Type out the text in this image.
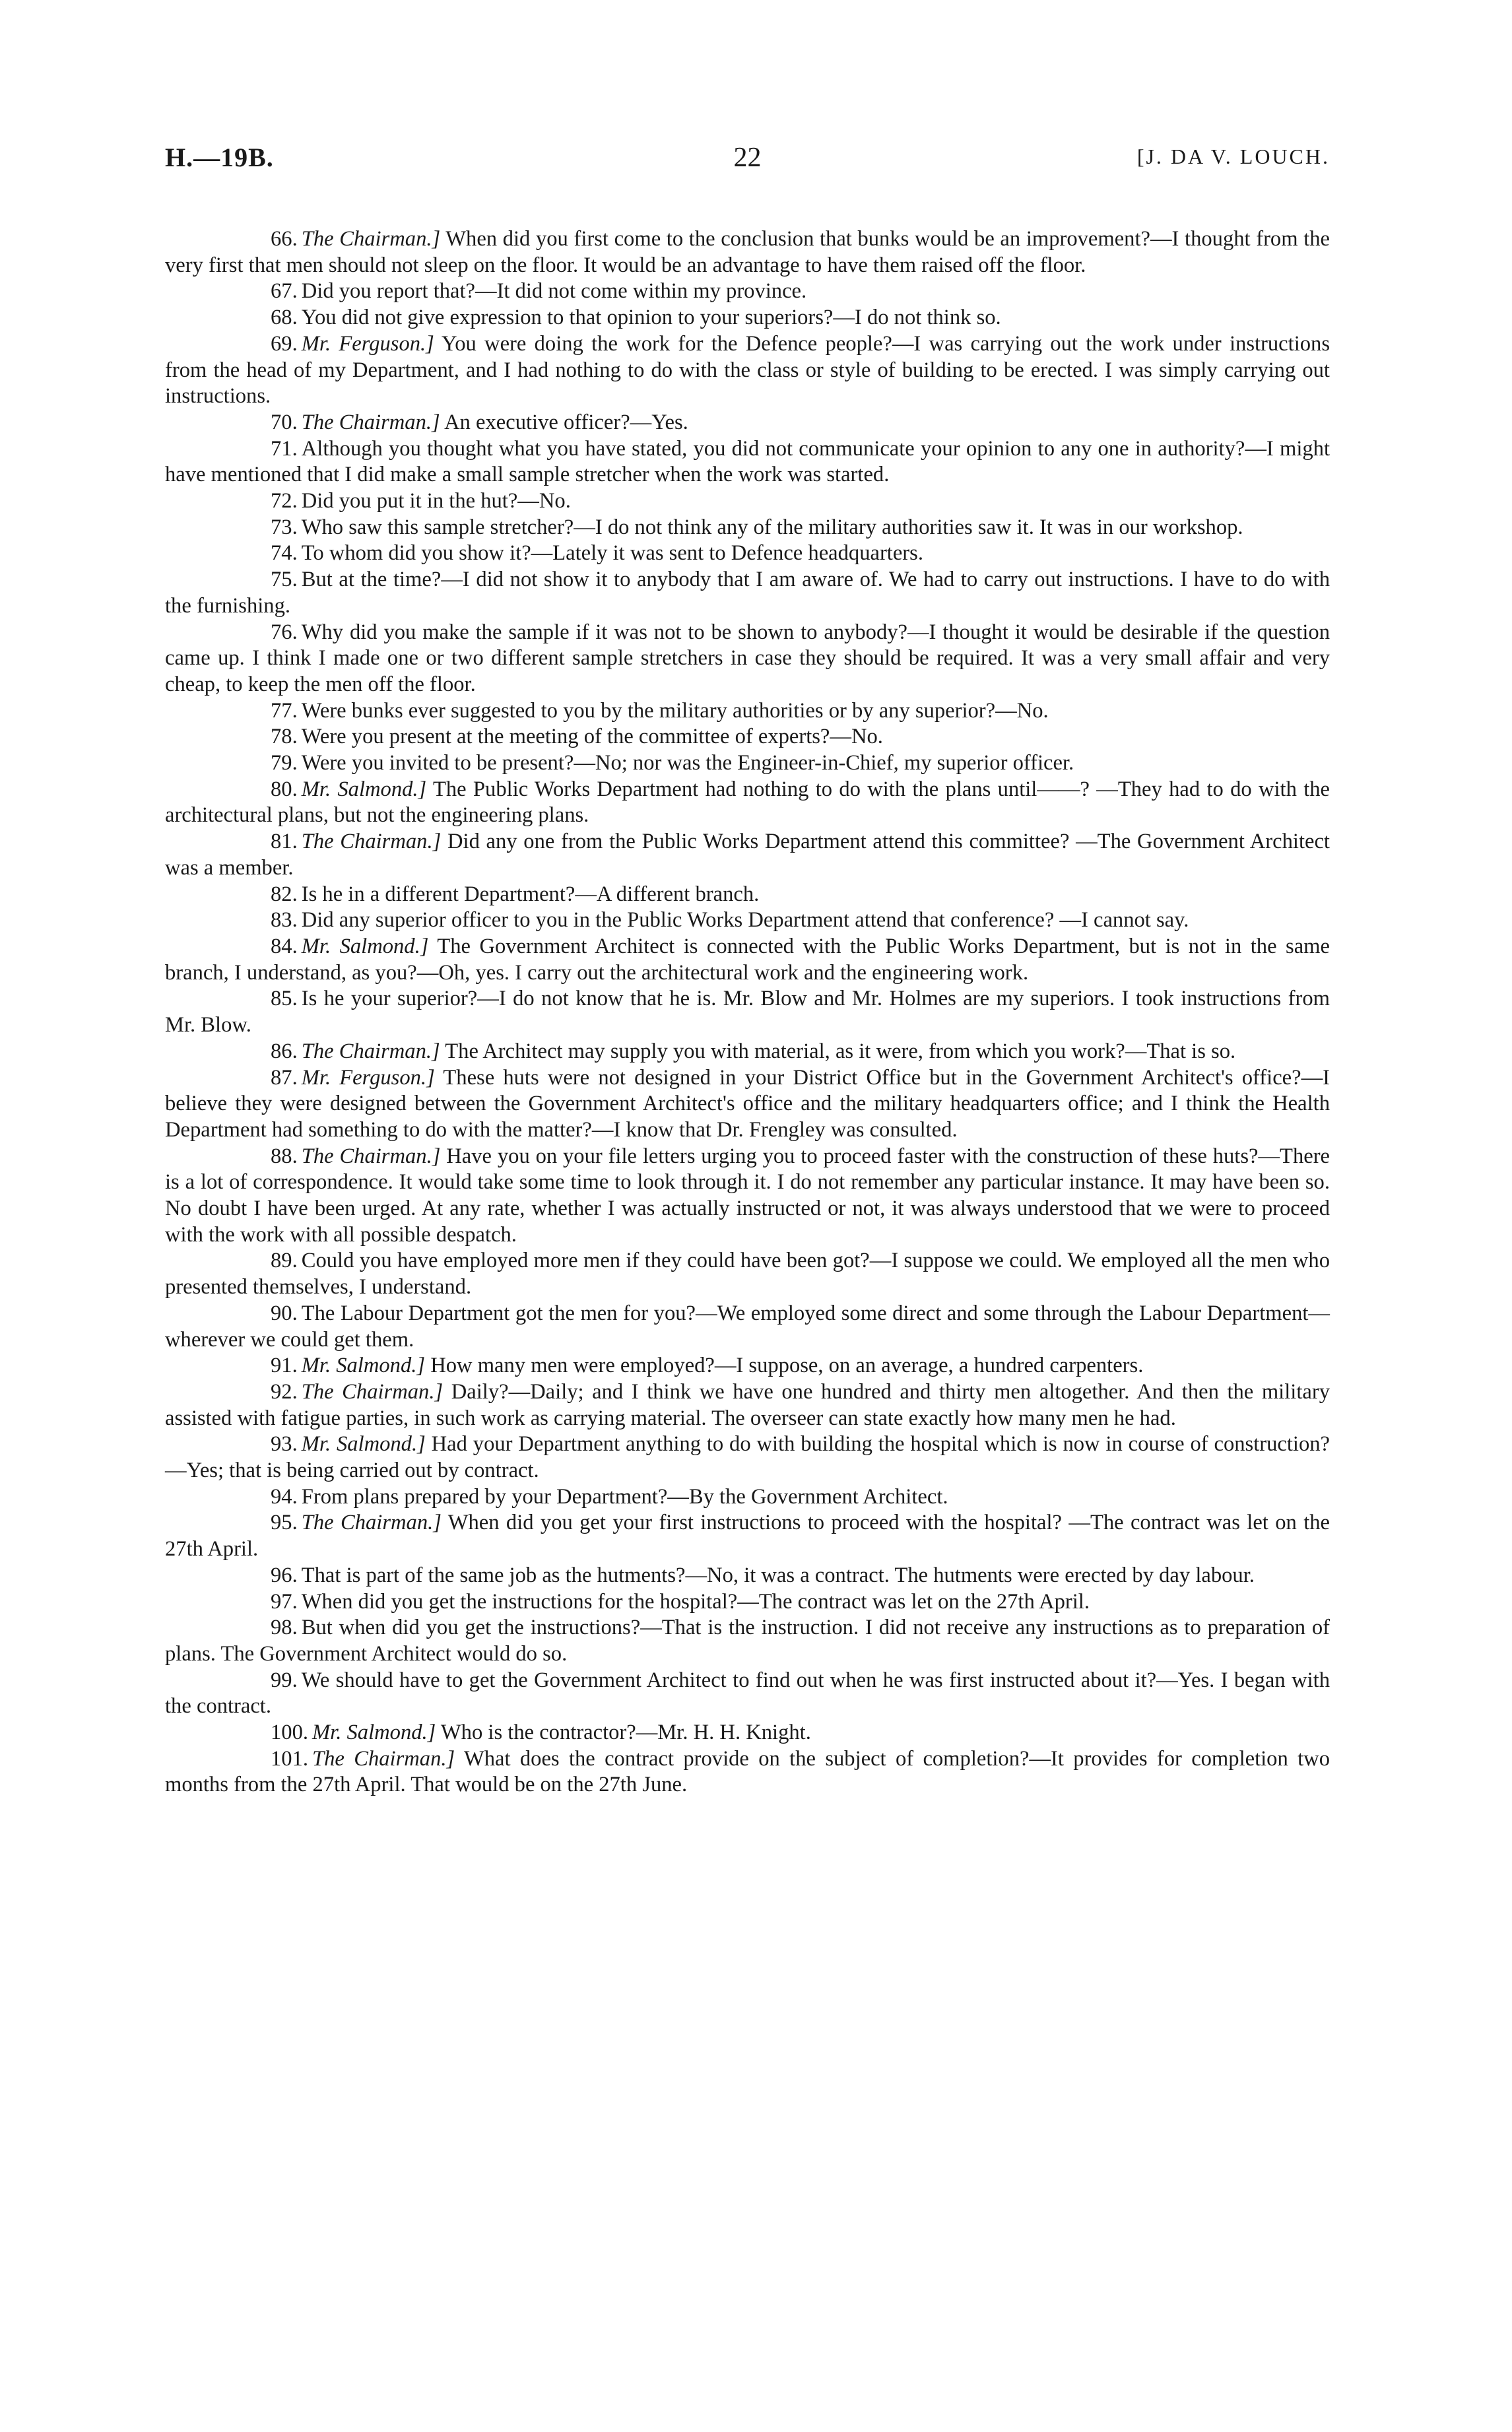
H.—19B.	22	[J. DA V. LOUCH.

66. The Chairman.] When did you first come to the conclusion that bunks would be an improvement?—I thought from the very first that men should not sleep on the floor. It would be an advantage to have them raised off the floor.

67. Did you report that?—It did not come within my province.

68. You did not give expression to that opinion to your superiors?—I do not think so.

69. Mr. Ferguson.] You were doing the work for the Defence people?—I was carrying out the work under instructions from the head of my Department, and I had nothing to do with the class or style of building to be erected. I was simply carrying out instructions.

70. The Chairman.] An executive officer?—Yes.

71. Although you thought what you have stated, you did not communicate your opinion to any one in authority?—I might have mentioned that I did make a small sample stretcher when the work was started.

72. Did you put it in the hut?—No.

73. Who saw this sample stretcher?—I do not think any of the military authorities saw it. It was in our workshop.

74. To whom did you show it?—Lately it was sent to Defence headquarters.

75. But at the time?—I did not show it to anybody that I am aware of. We had to carry out instructions. I have to do with the furnishing.

76. Why did you make the sample if it was not to be shown to anybody?—I thought it would be desirable if the question came up. I think I made one or two different sample stretchers in case they should be required. It was a very small affair and very cheap, to keep the men off the floor.

77. Were bunks ever suggested to you by the military authorities or by any superior?—No.

78. Were you present at the meeting of the committee of experts?—No.

79. Were you invited to be present?—No; nor was the Engineer-in-Chief, my superior officer.

80. Mr. Salmond.] The Public Works Department had nothing to do with the plans until——? —They had to do with the architectural plans, but not the engineering plans.

81. The Chairman.] Did any one from the Public Works Department attend this committee? —The Government Architect was a member.

82. Is he in a different Department?—A different branch.

83. Did any superior officer to you in the Public Works Department attend that conference? —I cannot say.

84. Mr. Salmond.] The Government Architect is connected with the Public Works Department, but is not in the same branch, I understand, as you?—Oh, yes. I carry out the architectural work and the engineering work.

85. Is he your superior?—I do not know that he is. Mr. Blow and Mr. Holmes are my superiors. I took instructions from Mr. Blow.

86. The Chairman.] The Architect may supply you with material, as it were, from which you work?—That is so.

87. Mr. Ferguson.] These huts were not designed in your District Office but in the Government Architect's office?—I believe they were designed between the Government Architect's office and the military headquarters office; and I think the Health Department had something to do with the matter?—I know that Dr. Frengley was consulted.

88. The Chairman.] Have you on your file letters urging you to proceed faster with the construction of these huts?—There is a lot of correspondence. It would take some time to look through it. I do not remember any particular instance. It may have been so. No doubt I have been urged. At any rate, whether I was actually instructed or not, it was always understood that we were to proceed with the work with all possible despatch.

89. Could you have employed more men if they could have been got?—I suppose we could. We employed all the men who presented themselves, I understand.

90. The Labour Department got the men for you?—We employed some direct and some through the Labour Department—wherever we could get them.

91. Mr. Salmond.] How many men were employed?—I suppose, on an average, a hundred carpenters.

92. The Chairman.] Daily?—Daily; and I think we have one hundred and thirty men altogether. And then the military assisted with fatigue parties, in such work as carrying material. The overseer can state exactly how many men he had.

93. Mr. Salmond.] Had your Department anything to do with building the hospital which is now in course of construction?—Yes; that is being carried out by contract.

94. From plans prepared by your Department?—By the Government Architect.

95. The Chairman.] When did you get your first instructions to proceed with the hospital? —The contract was let on the 27th April.

96. That is part of the same job as the hutments?—No, it was a contract. The hutments were erected by day labour.

97. When did you get the instructions for the hospital?—The contract was let on the 27th April.

98. But when did you get the instructions?—That is the instruction. I did not receive any instructions as to preparation of plans. The Government Architect would do so.

99. We should have to get the Government Architect to find out when he was first instructed about it?—Yes. I began with the contract.

100. Mr. Salmond.] Who is the contractor?—Mr. H. H. Knight.

101. The Chairman.] What does the contract provide on the subject of completion?—It provides for completion two months from the 27th April. That would be on the 27th June.
